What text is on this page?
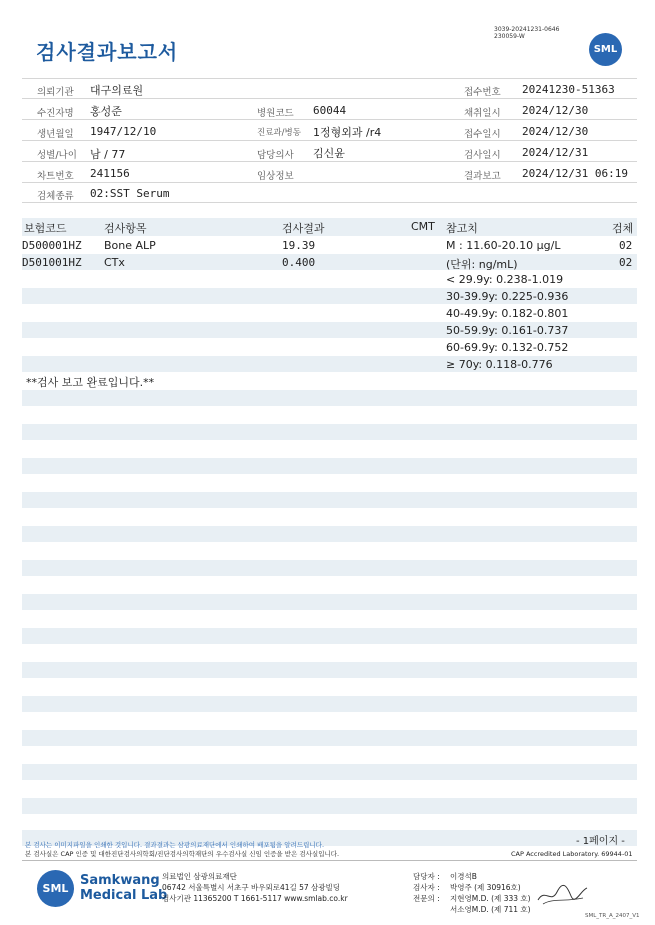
검사결과보고서
3039-20241231-0646
230059-W
SML
의뢰기관 대구의료원	접수번호 20241230-51363
수진자명 홍성준	병원코드 60044	채취일시 2024/12/30
생년월일 1947/12/10	진료과/병동 1정형외과 /r4	접수일시 2024/12/30
성별/나이 남 / 77	담당의사 김신윤	검사일시 2024/12/31
차트번호 241156	임상정보	결과보고 2024/12/31 06:19
검체종류 02:SST Serum
보험코드	검사항목	검사결과	CMT 참고치	검체
D500001HZ Bone ALP	19.39	M : 11.60-20.10 μg/L	02
D501001HZ CTx	0.400	(단위: ng/mL)	02
< 29.9y: 0.238-1.019
30-39.9y: 0.225-0.936
40-49.9y: 0.182-0.801
50-59.9y: 0.161-0.737
60-69.9y: 0.132-0.752
≥ 70y: 0.118-0.776
**검사 보고 완료입니다.**
- 1페이지 -
본 검사는 이미지파일을 인쇄한 것입니다. 결과결과는 삼광의료재단에서 인쇄하여 배포됨을 알려드립니다.
본 검사실은 CAP 인증 및 대한진단검사의학회/진단검사의학재단의 우수검사실 신임 인증을 받은 검사실입니다.	CAP Accredited Laboratory. 69944-01
SML
Samkwang
Medical Lab
의료법인 삼광의료재단
06742 서울특별시 서초구 바우뫼로41길 57 삼광빌딩
검사기관 11365200 T 1661-5117 www.smlab.co.kr
담당자 : 이경석B
검사자 : 박영주 (제 30916호)
전문의 : 지현영M.D. (제 333 호)
서소영M.D. (제 711 호)
SML_TR_A_2407_V1
